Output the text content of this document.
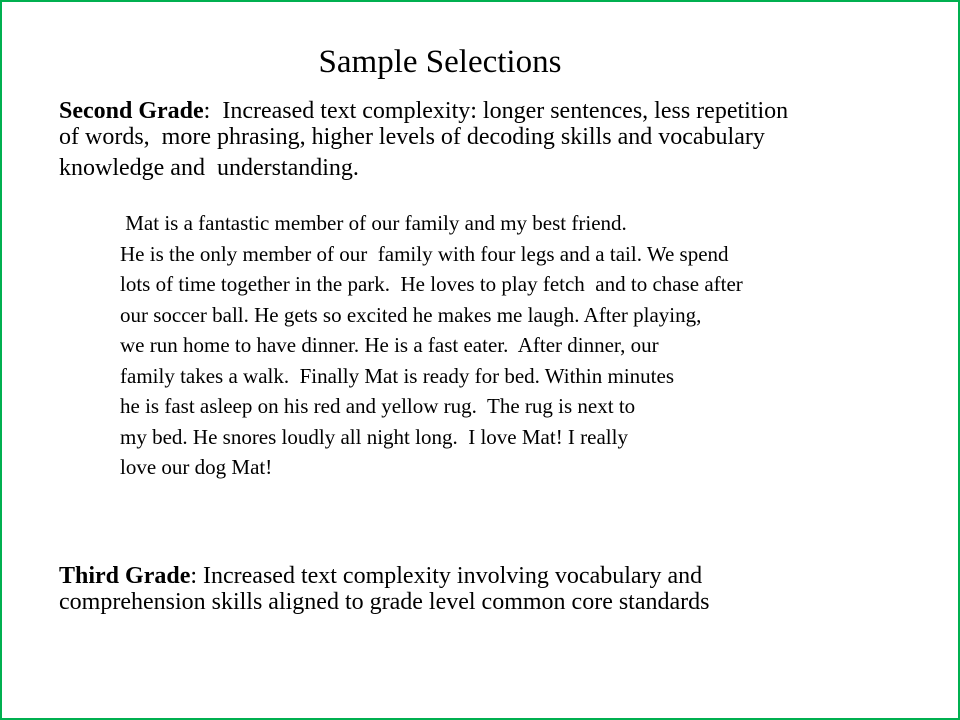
Sample Selections
Second Grade:  Increased text complexity: longer sentences, less repetition
of words,  more phrasing, higher levels of decoding skills and vocabulary
knowledge and  understanding.
Mat is a fantastic member of our family and my best friend.
He is the only member of our  family with four legs and a tail. We spend
lots of time together in the park.  He loves to play fetch  and to chase after
our soccer ball. He gets so excited he makes me laugh. After playing,
we run home to have dinner. He is a fast eater.  After dinner, our
family takes a walk.  Finally Mat is ready for bed. Within minutes
he is fast asleep on his red and yellow rug.  The rug is next to
my bed. He snores loudly all night long.  I love Mat! I really
love our dog Mat!
Third Grade: Increased text complexity involving vocabulary and
comprehension skills aligned to grade level common core standards
